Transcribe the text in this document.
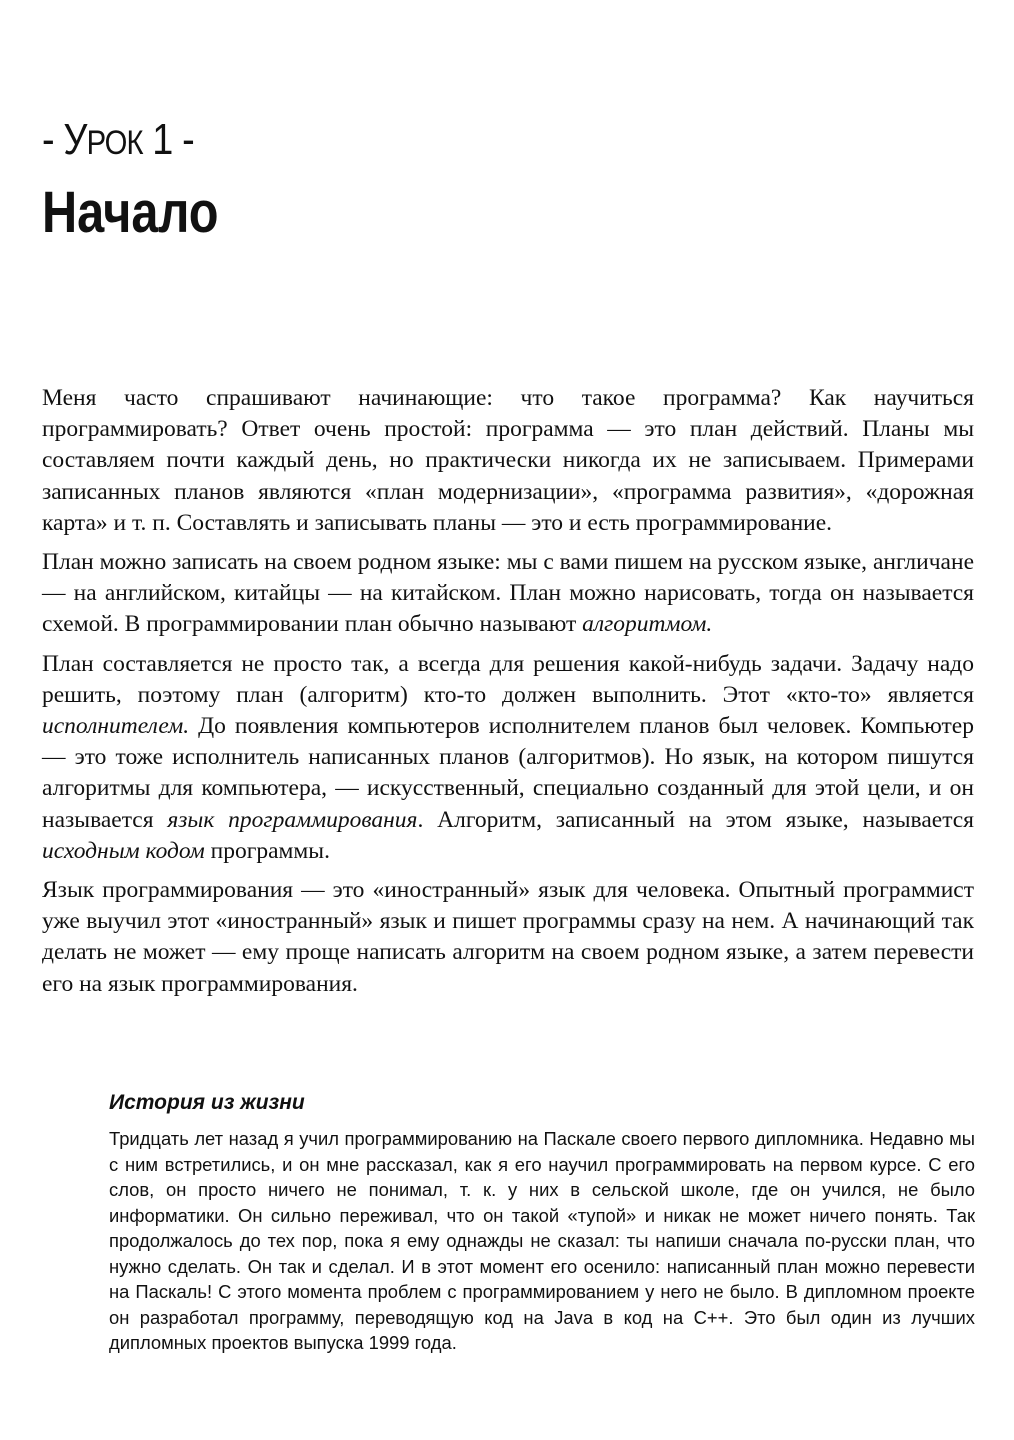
- УРОК 1 -
Начало

Меня часто спрашивают начинающие: что такое программа? Как научиться программировать? Ответ очень простой: программа — это план действий. Планы мы составляем почти каждый день, но практически никогда их не записываем. Примерами записанных планов являются «план модернизации», «программа развития», «дорожная карта» и т. п. Составлять и записывать планы — это и есть программирование.

План можно записать на своем родном языке: мы с вами пишем на русском языке, англичане — на английском, китайцы — на китайском. План можно нарисовать, тогда он называется схемой. В программировании план обычно называют алгоритмом.

План составляется не просто так, а всегда для решения какой-нибудь задачи. Задачу надо решить, поэтому план (алгоритм) кто-то должен выполнить. Этот «кто-то» является исполнителем. До появления компьютеров исполнителем планов был человек. Компьютер — это тоже исполнитель написанных планов (алгоритмов). Но язык, на котором пишутся алгоритмы для компьютера, — искусственный, специально созданный для этой цели, и он называется язык программирования. Алгоритм, записанный на этом языке, называется исходным кодом программы.

Язык программирования — это «иностранный» язык для человека. Опытный программист уже выучил этот «иностранный» язык и пишет программы сразу на нем. А начинающий так делать не может — ему проще написать алгоритм на своем родном языке, а затем перевести его на язык программирования.

История из жизни

Тридцать лет назад я учил программированию на Паскале своего первого дипломника. Недавно мы с ним встретились, и он мне рассказал, как я его научил программировать на первом курсе. С его слов, он просто ничего не понимал, т. к. у них в сельской школе, где он учился, не было информатики. Он сильно переживал, что он такой «тупой» и никак не может ничего понять. Так продолжалось до тех пор, пока я ему однажды не сказал: ты напиши сначала по-русски план, что нужно сделать. Он так и сделал. И в этот момент его осенило: написанный план можно перевести на Паскаль! С этого момента проблем с программированием у него не было. В дипломном проекте он разработал программу, переводящую код на Java в код на C++. Это был один из лучших дипломных проектов выпуска 1999 года.
